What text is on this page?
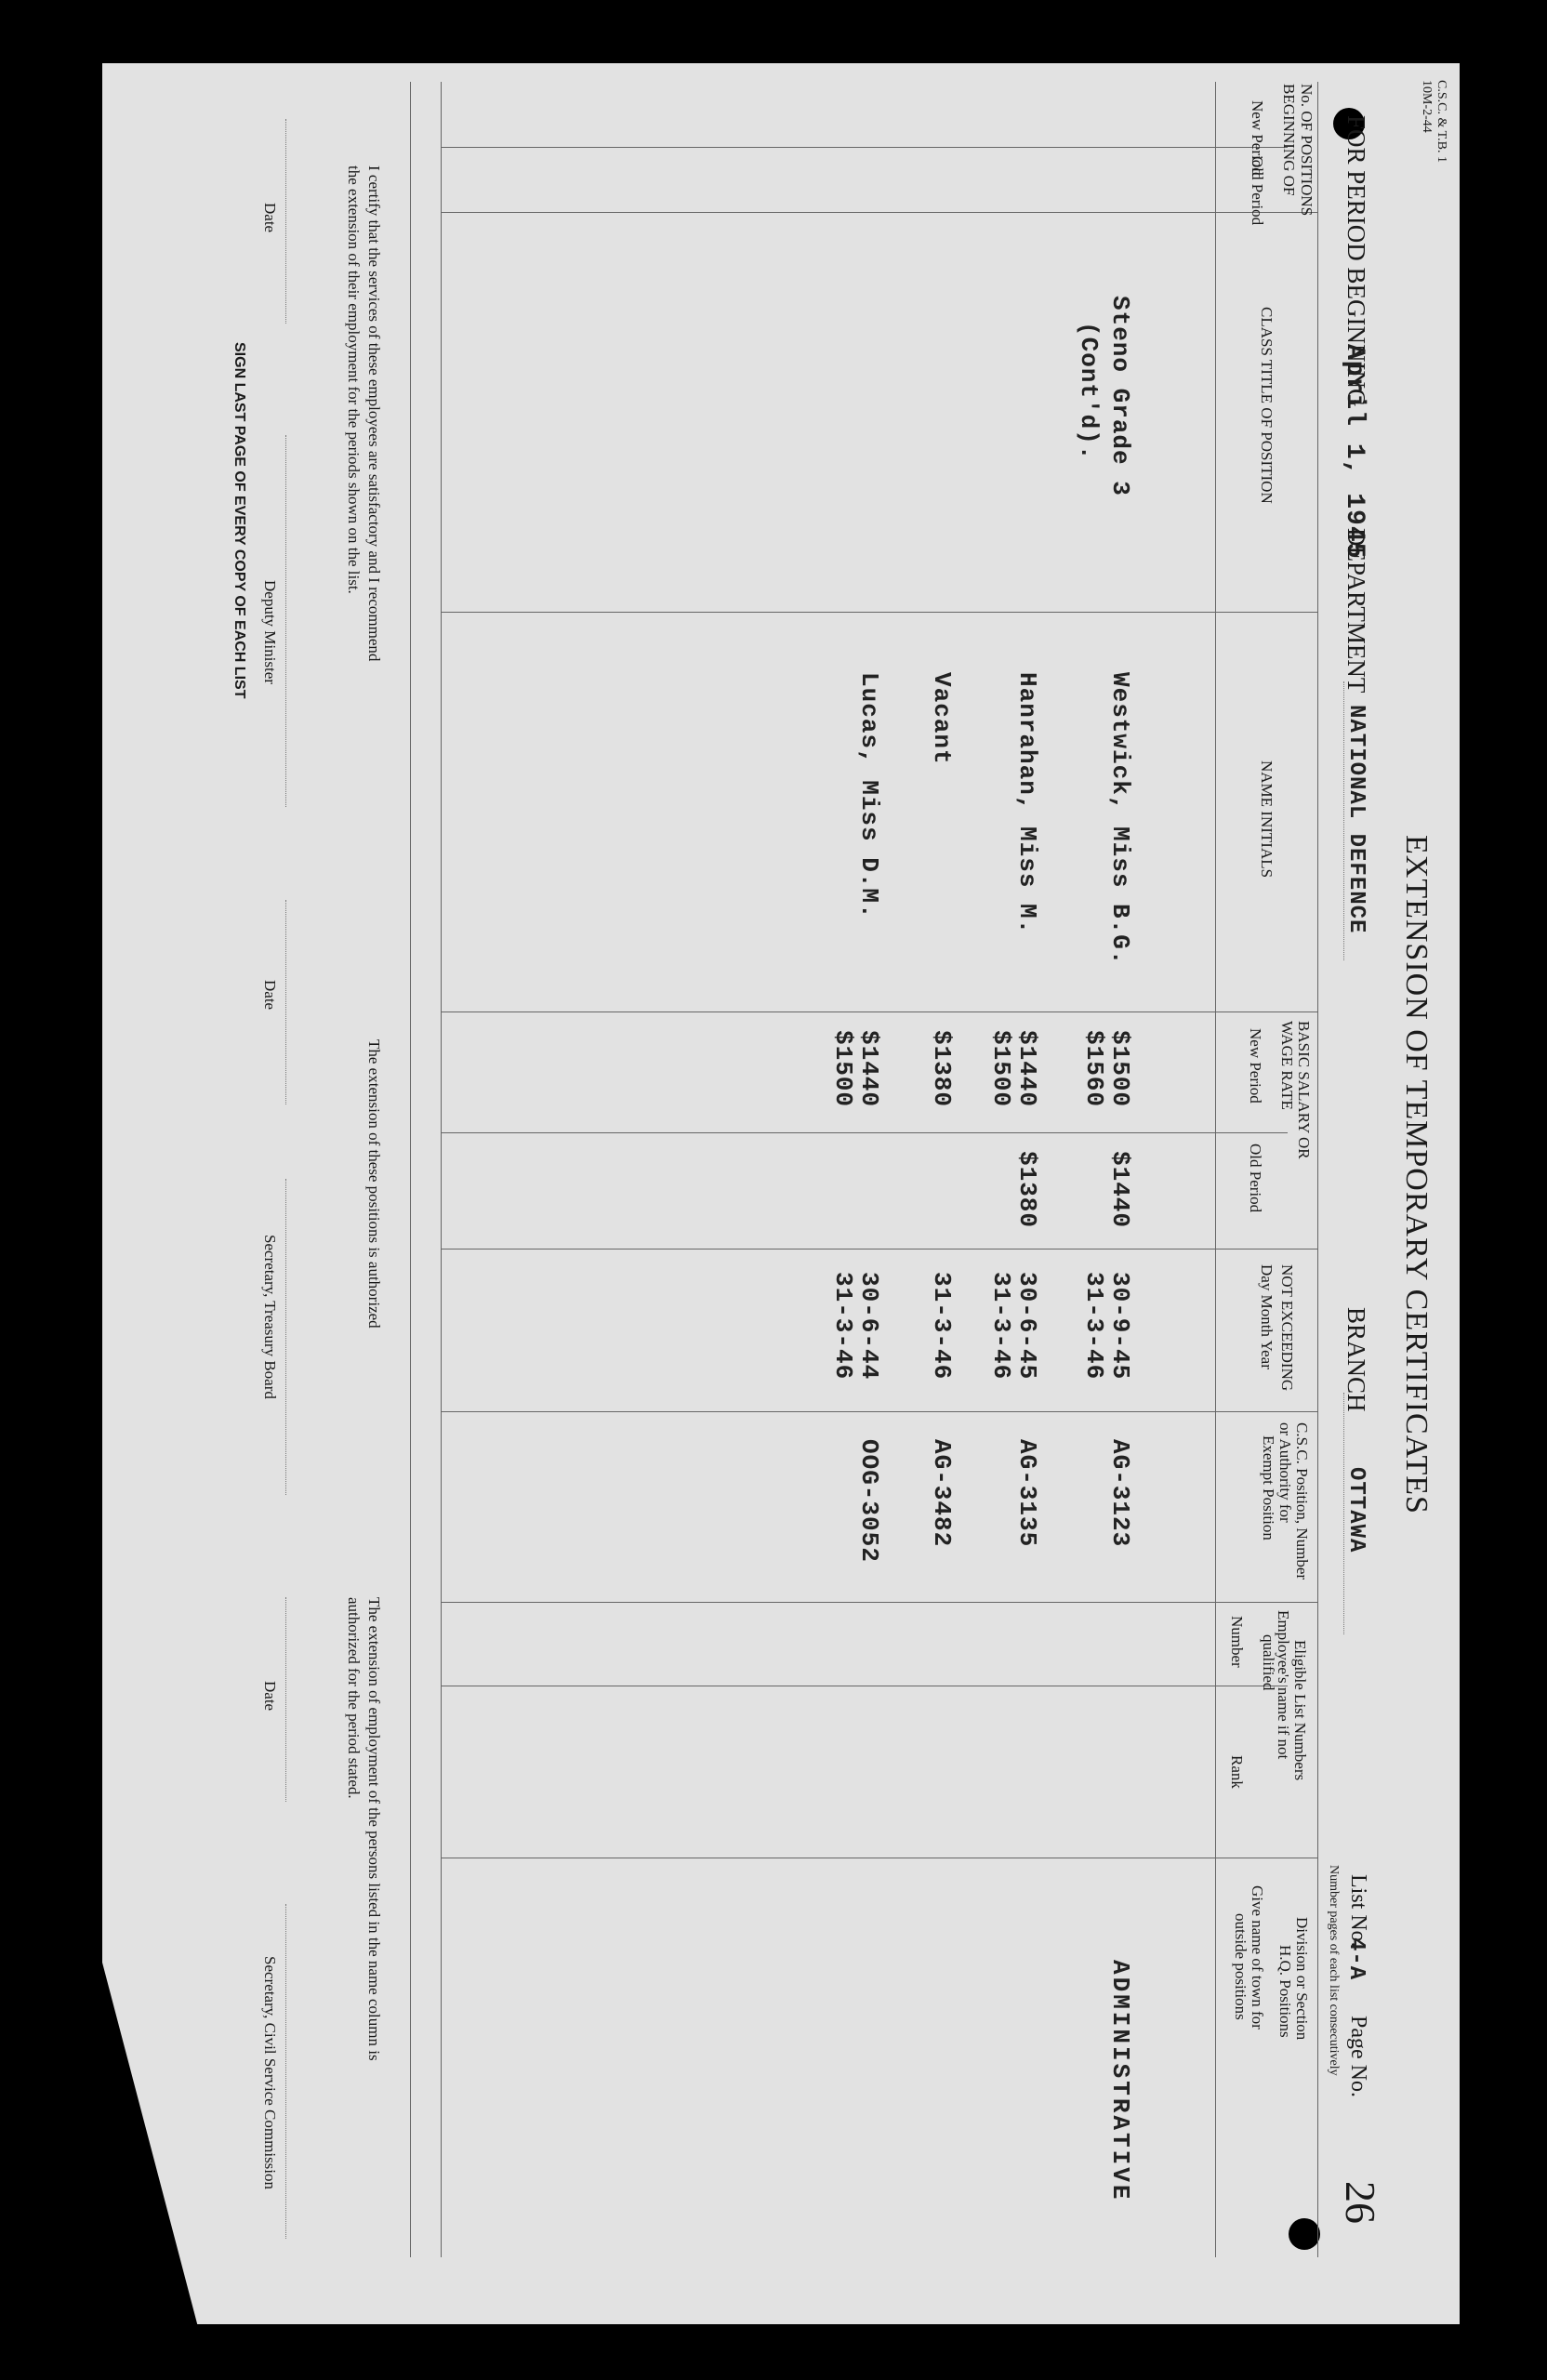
C.S.C. & T.B. 1
10M-2-44
EXTENSION OF TEMPORARY CERTIFICATES
FOR PERIOD BEGINNING
April 1, 1945
DEPARTMENT
NATIONAL DEFENCE
BRANCH
OTTAWA
List No.
4-A
Page No.
26
Number pages of each list consecutively
No. OF POSITIONS
BEGINNING OF
New Period
Old Period
CLASS TITLE OF POSITION
NAME INITIALS
BASIC SALARY OR
WAGE RATE
New Period
Old Period
NOT EXCEEDING
Day Month Year
C.S.C. Position, Number
or Authority for
Exempt Position
Eligible List Numbers
Employee's name if not
qualified
Number
Rank
Division or Section
H.Q. Positions
Give name of town for
outside positions
Steno Grade 3
(Cont'd).
ADMINISTRATIVE
Westwick, Miss B.G.
$1500
$1560
$1440
30-9-45
31-3-46
AG-3123
Hanrahan, Miss M.
$1440
$1500
$1380
30-6-45
31-3-46
AG-3135
Vacant
$1380
31-3-46
AG-3482
Lucas, Miss D.M.
$1440
$1500
30-6-44
31-3-46
OOG-3052
I certify that the services of these employees are satisfactory and I recommend
the extension of their employment for the periods shown on the list.
The extension of these positions is authorized
The extension of employment of the persons listed in the name column is
authorized for the period stated.
Date
Deputy Minister
Date
Secretary, Treasury Board
Date
Secretary, Civil Service Commission
SIGN LAST PAGE OF EVERY COPY OF EACH LIST
